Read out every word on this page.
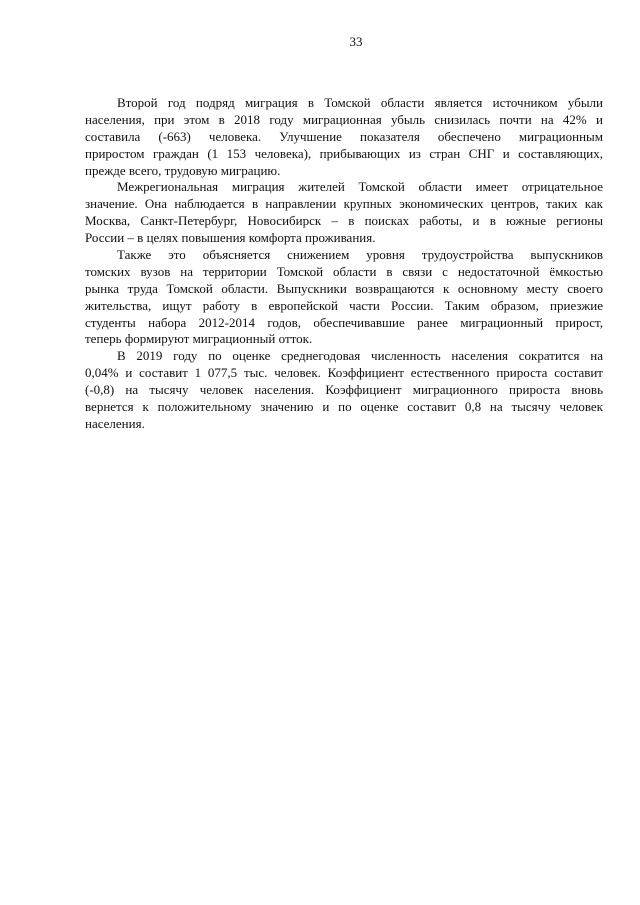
33
Второй год подряд миграция в Томской области является источником убыли
населения, при этом в 2018 году миграционная убыль снизилась почти на 42% и
составила (-663) человека. Улучшение показателя обеспечено миграционным
приростом граждан (1 153 человека), прибывающих из стран СНГ и составляющих,
прежде всего, трудовую миграцию.
Межрегиональная миграция жителей Томской области имеет отрицательное
значение. Она наблюдается в направлении крупных экономических центров, таких как
Москва, Санкт-Петербург, Новосибирск – в поисках работы, и в южные регионы
России – в целях повышения комфорта проживания.
Также это объясняется снижением уровня трудоустройства выпускников
томских вузов на территории Томской области в связи с недостаточной ёмкостью
рынка труда Томской области. Выпускники возвращаются к основному месту своего
жительства, ищут работу в европейской части России. Таким образом, приезжие
студенты набора 2012-2014 годов, обеспечивавшие ранее миграционный прирост,
теперь формируют миграционный отток.
В 2019 году по оценке среднегодовая численность населения сократится на
0,04% и составит 1 077,5 тыс. человек. Коэффициент естественного прироста составит
(-0,8) на тысячу человек населения. Коэффициент миграционного прироста вновь
вернется к положительному значению и по оценке составит 0,8 на тысячу человек
населения.
